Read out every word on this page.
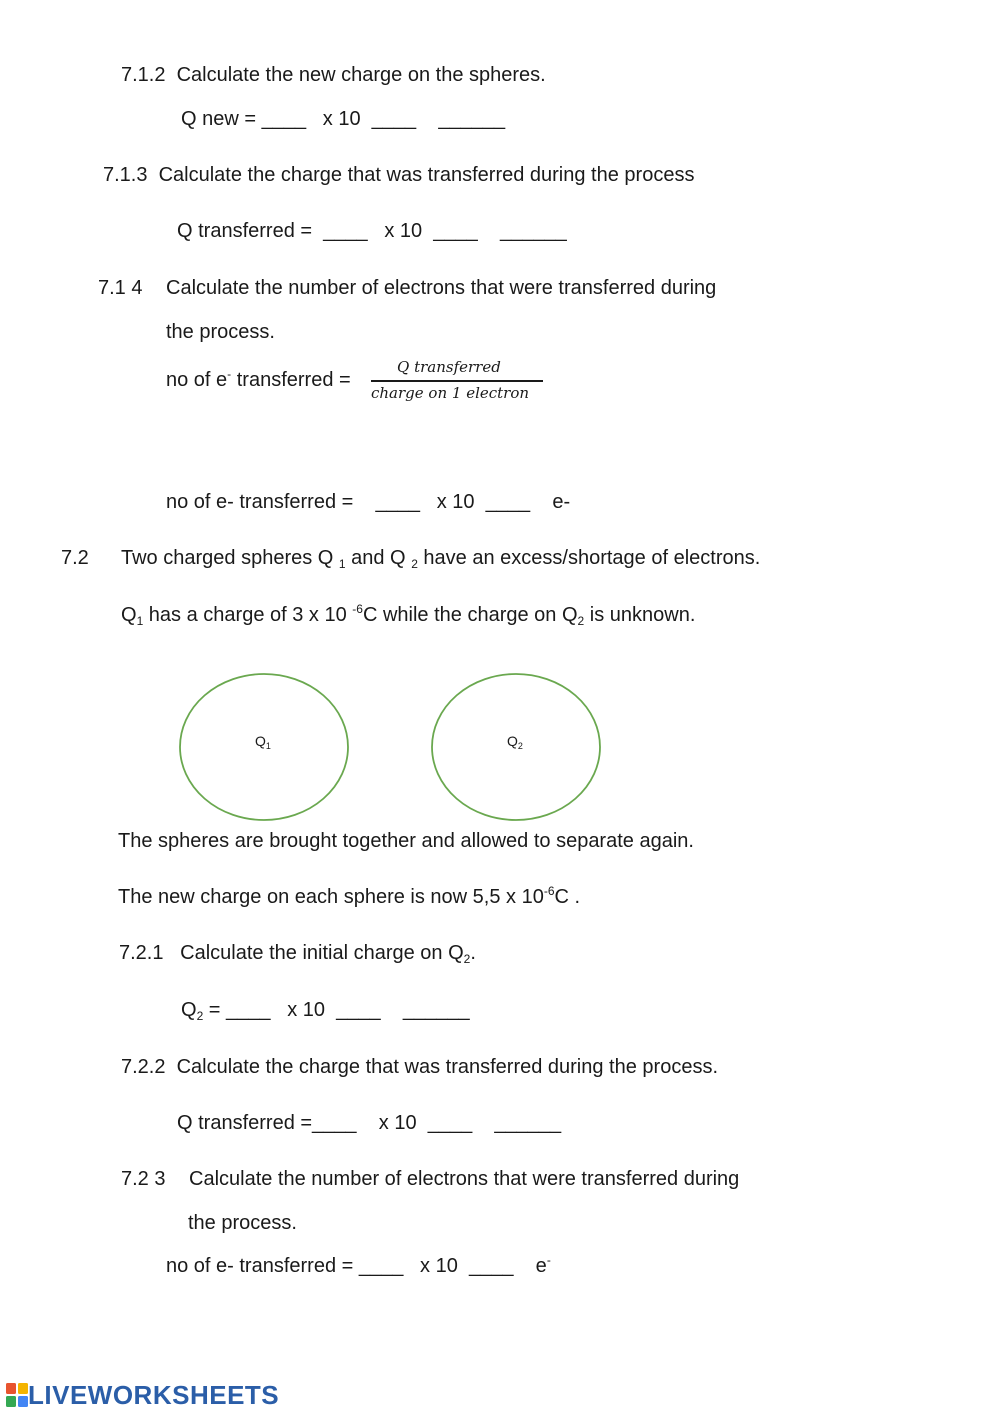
7.1.2  Calculate the new charge on the spheres.
Q new = ____   x 10  ____    ______
7.1.3  Calculate the charge that was transferred during the process
Q transferred =  ____   x 10  ____    ______
7.1 4 Calculate the number of electrons that were transferred during
the process.
no of e- transferred =
Q transferred
charge on 1 electron
no of e- transferred =    ____   x 10  ____    e-
7.2 Two charged spheres Q $_1$ and Q $_2$ have an excess/shortage of electrons.
$Q_1$ has a charge of 3 x 10 $^{-6}$C while the charge on $Q_2$ is unknown.
$Q_1$	$Q_2$
The spheres are brought together and allowed to separate again.
The new charge on each sphere is now 5,5 x $10^{-6}C$ .
7.2.1   Calculate the initial charge on $Q_2$.
$Q_2$ = ____   x 10  ____    ______
7.2.2  Calculate the charge that was transferred during the process.
Q transferred =____    x 10  ____    ______
7.2 3 Calculate the number of electrons that were transferred during
the process.
no of e- transferred = ____   x 10  ____    e-
LIVEWORKSHEETS
